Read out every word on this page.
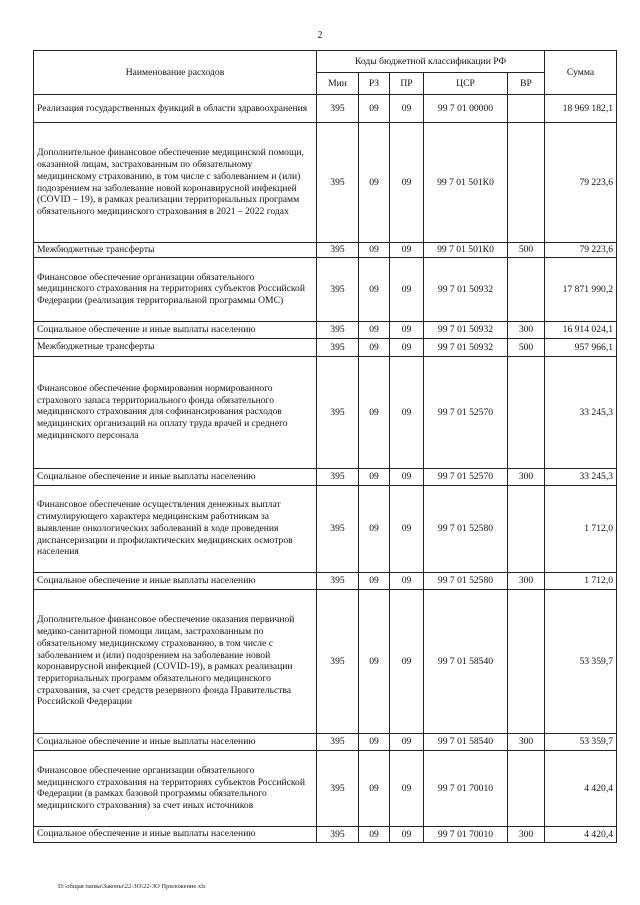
2
Наименование расходов	Коды бюджетной классификации РФ					Сумма
	Мин	РЗ	ПР	ЦСР	ВР	
Реализация государственных функций в области здравоохранения	395	09	09	99 7 01 00000		18 969 182,1
Дополнительное финансовое обеспечение медицинской помощи, оказанной лицам, застрахованным по обязательному медицинскому страхованию, в том числе с заболеванием и (или) подозрением на заболевание новой коронавирусной инфекцией (COVID – 19), в рамках реализации территориальных программ обязательного медицинского страхования в 2021 – 2022 годах	395	09	09	99 7 01 501К0		79 223,6
Межбюджетные трансферты	395	09	09	99 7 01 501К0	500	79 223,6
Финансовое обеспечение организации обязательного медицинского страхования на территориях субъектов Российской Федерации (реализация территориальной программы ОМС)	395	09	09	99 7 01 50932		17 871 990,2
Социальное обеспечение и иные выплаты населению	395	09	09	99 7 01 50932	300	16 914 024,1
Межбюджетные трансферты	395	09	09	99 7 01 50932	500	957 966,1
Финансовое обеспечение формирования нормированного страхового запаса территориального фонда обязательного медицинского страхования для софинансирования расходов медицинских организаций на оплату труда врачей и среднего медицинского персонала	395	09	09	99 7 01 52570		33 245,3
Социальное обеспечение и иные выплаты населению	395	09	09	99 7 01 52570	300	33 245,3
Финансовое обеспечение осуществления денежных выплат стимулирующего характера медицинским работникам за выявление онкологических заболеваний в ходе проведения диспансеризации и профилактических медицинских осмотров населения	395	09	09	99 7 01 52580		1 712,0
Социальное обеспечение и иные выплаты населению	395	09	09	99 7 01 52580	300	1 712,0
Дополнительное финансовое обеспечение оказания первичной медико-санитарной помощи лицам, застрахованным по обязательному медицинскому страхованию, в том числе с заболеванием и (или) подозрением на заболевание новой коронавирусной инфекцией (COVID-19), в рамках реализации территориальных программ обязательного медицинского страхования, за счет средств резервного фонда Правительства Российской Федерации	395	09	09	99 7 01 58540		53 359,7
Социальное обеспечение и иные выплаты населению	395	09	09	99 7 01 58540	300	53 359,7
Финансовое обеспечение организации обязательного медицинского страхования на территориях субъектов Российской Федерации (в рамках базовой программы обязательного медицинского страхования) за счет иных источников	395	09	09	99 7 01 70010		4 420,4
Социальное обеспечение и иные выплаты населению	395	09	09	99 7 01 70010	300	4 420,4
D:\общая папка\Законы\22-ЗО\22-ЗО Приложение xls
